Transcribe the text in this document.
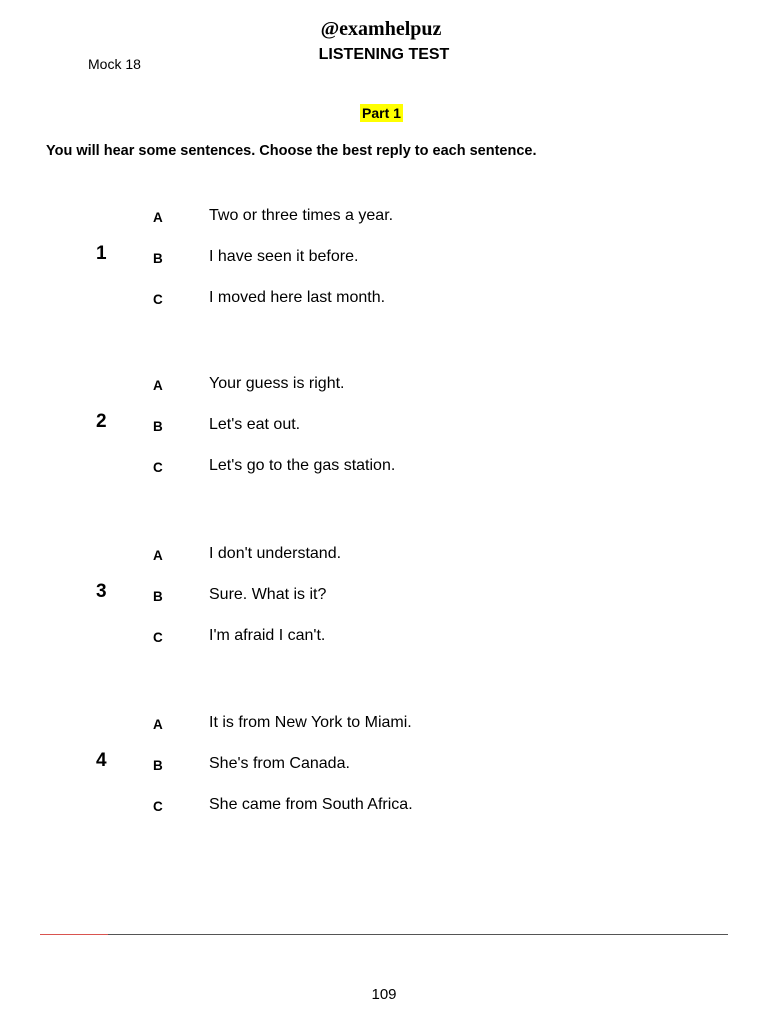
@examhelpuz
LISTENING TEST
Mock 18
Part 1
You will hear some sentences. Choose the best reply to each sentence.
1
A	Two or three times a year.
B	I have seen it before.
C	I moved here last month.
2
A	Your guess is right.
B	Let's eat out.
C	Let's go to the gas station.
3
A	I don't understand.
B	Sure. What is it?
C	I'm afraid I can't.
4
A	It is from New York to Miami.
B	She's from Canada.
C	She came from South Africa.
109
